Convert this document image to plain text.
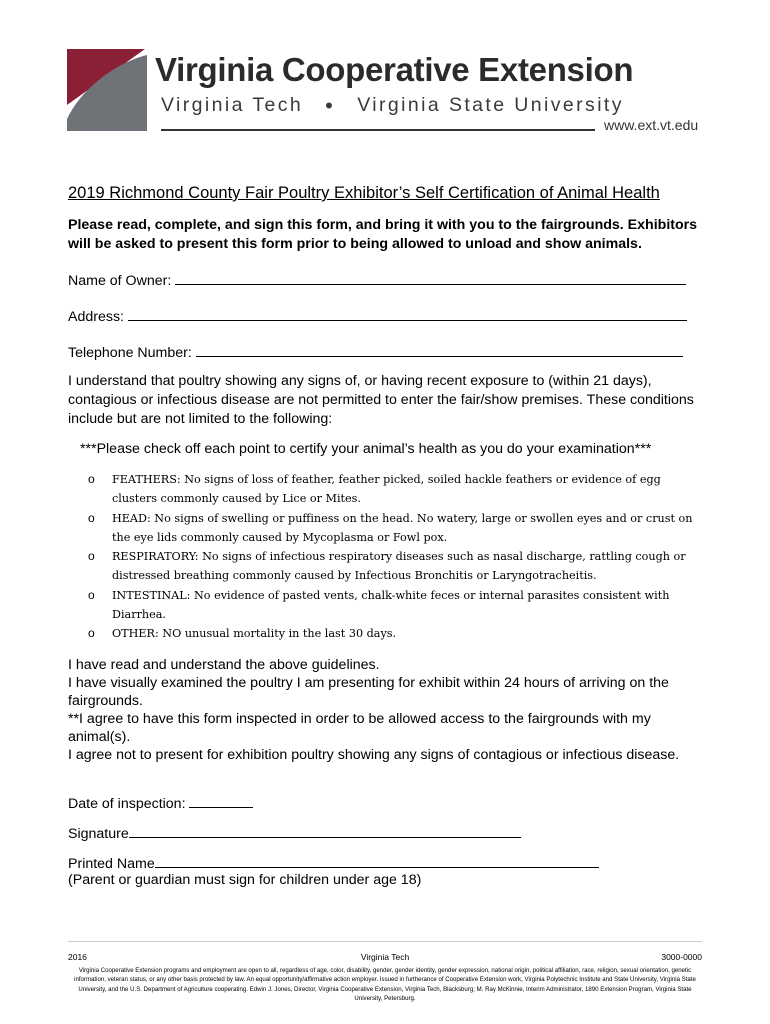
Virginia Cooperative Extension
Virginia Tech • Virginia State University
www.ext.vt.edu
2019 Richmond County Fair Poultry Exhibitor’s Self Certification of Animal Health
Please read, complete, and sign this form, and bring it with you to the fairgrounds. Exhibitors will be asked to present this form prior to being allowed to unload and show animals.
Name of Owner:
Address:
Telephone Number:
I understand that poultry showing any signs of, or having recent exposure to (within 21 days), contagious or infectious disease are not permitted to enter the fair/show premises. These conditions include but are not limited to the following:
***Please check off each point to certify your animal’s health as you do your examination***
o FEATHERS: No signs of loss of feather, feather picked, soiled hackle feathers or evidence of egg clusters commonly caused by Lice or Mites.
o HEAD: No signs of swelling or puffiness on the head. No watery, large or swollen eyes and or crust on the eye lids commonly caused by Mycoplasma or Fowl pox.
o RESPIRATORY: No signs of infectious respiratory diseases such as nasal discharge, rattling cough or distressed breathing commonly caused by Infectious Bronchitis or Laryngotracheitis.
o INTESTINAL: No evidence of pasted vents, chalk-white feces or internal parasites consistent with Diarrhea.
o OTHER: NO unusual mortality in the last 30 days.

I have read and understand the above guidelines.

I have visually examined the poultry I am presenting for exhibit within 24 hours of arriving on the fairgrounds.

**I agree to have this form inspected in order to be allowed access to the fairgrounds with my animal(s).

I agree not to present for exhibition poultry showing any signs of contagious or infectious disease.

Date of inspection:
Signature
Printed Name
(Parent or guardian must sign for children under age 18)
2016	Virginia Tech	3000-0000
Virginia Cooperative Extension programs and employment are open to all, regardless of age, color, disability, gender, gender identity, gender expression, national origin, political affiliation, race, religion, sexual orientation, genetic information, veteran status, or any other basis protected by law. An equal opportunity/affirmative action employer. Issued in furtherance of Cooperative Extension work, Virginia Polytechnic Institute and State University, Virginia State University, and the U.S. Department of Agriculture cooperating. Edwin J. Jones, Director, Virginia Cooperative Extension, Virginia Tech, Blacksburg; M. Ray McKinnie, Interim Administrator, 1890 Extension Program, Virginia State University, Petersburg.
